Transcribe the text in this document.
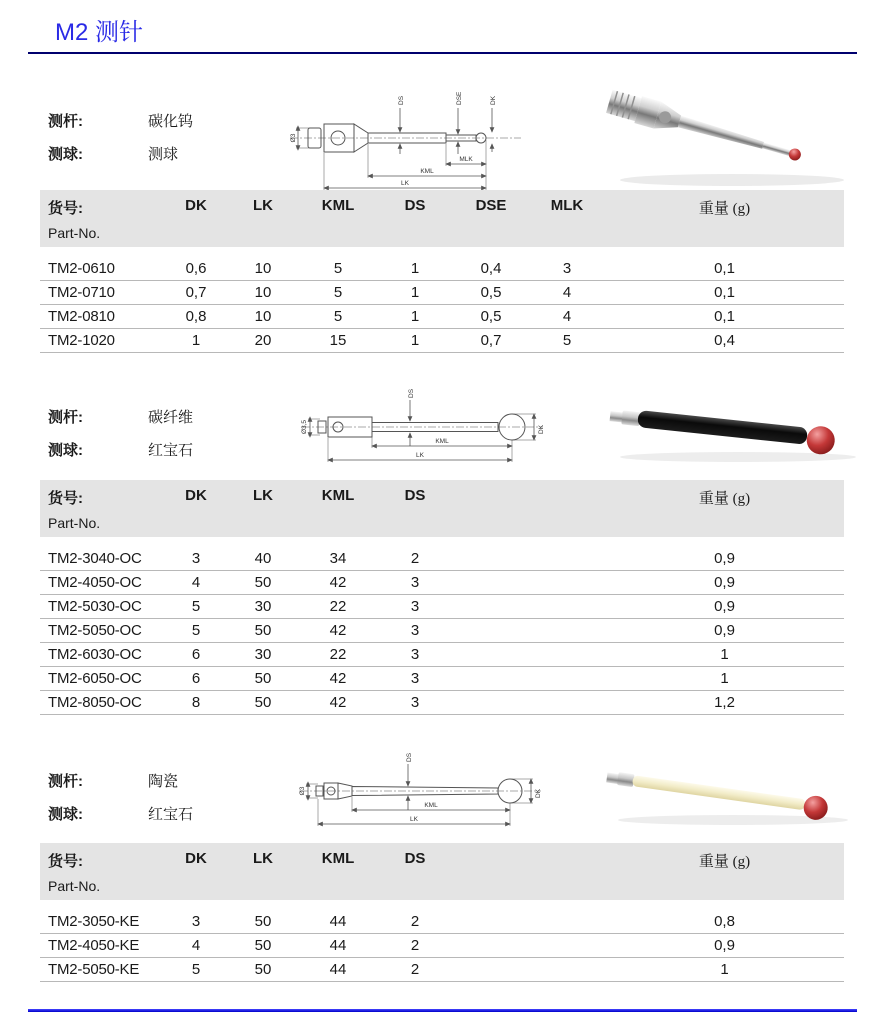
M2 测针
测杆:	碳化钨
测球:	测球
Ø3
DS	DSE	DK
MLK
KML
LK
货号:	DK	LK	KML	DS	DSE	MLK	重量 (g)
Part-No.
TM2-0610	0,6	10	5	1	0,4	3	0,1
TM2-0710	0,7	10	5	1	0,5	4	0,1
TM2-0810	0,8	10	5	1	0,5	4	0,1
TM2-1020	1	20	15	1	0,7	5	0,4
测杆:	碳纤维
测球:	红宝石
Ø3,5
DS
DK
KML
LK
货号:	DK	LK	KML	DS	重量 (g)
Part-No.
TM2-3040-OC	3	40	34	2	0,9
TM2-4050-OC	4	50	42	3	0,9
TM2-5030-OC	5	30	22	3	0,9
TM2-5050-OC	5	50	42	3	0,9
TM2-6030-OC	6	30	22	3	1
TM2-6050-OC	6	50	42	3	1
TM2-8050-OC	8	50	42	3	1,2
测杆:	陶瓷
测球:	红宝石
Ø3
DS
DK
KML
LK
货号:	DK	LK	KML	DS	重量 (g)
Part-No.
TM2-3050-KE	3	50	44	2	0,8
TM2-4050-KE	4	50	44	2	0,9
TM2-5050-KE	5	50	44	2	1
